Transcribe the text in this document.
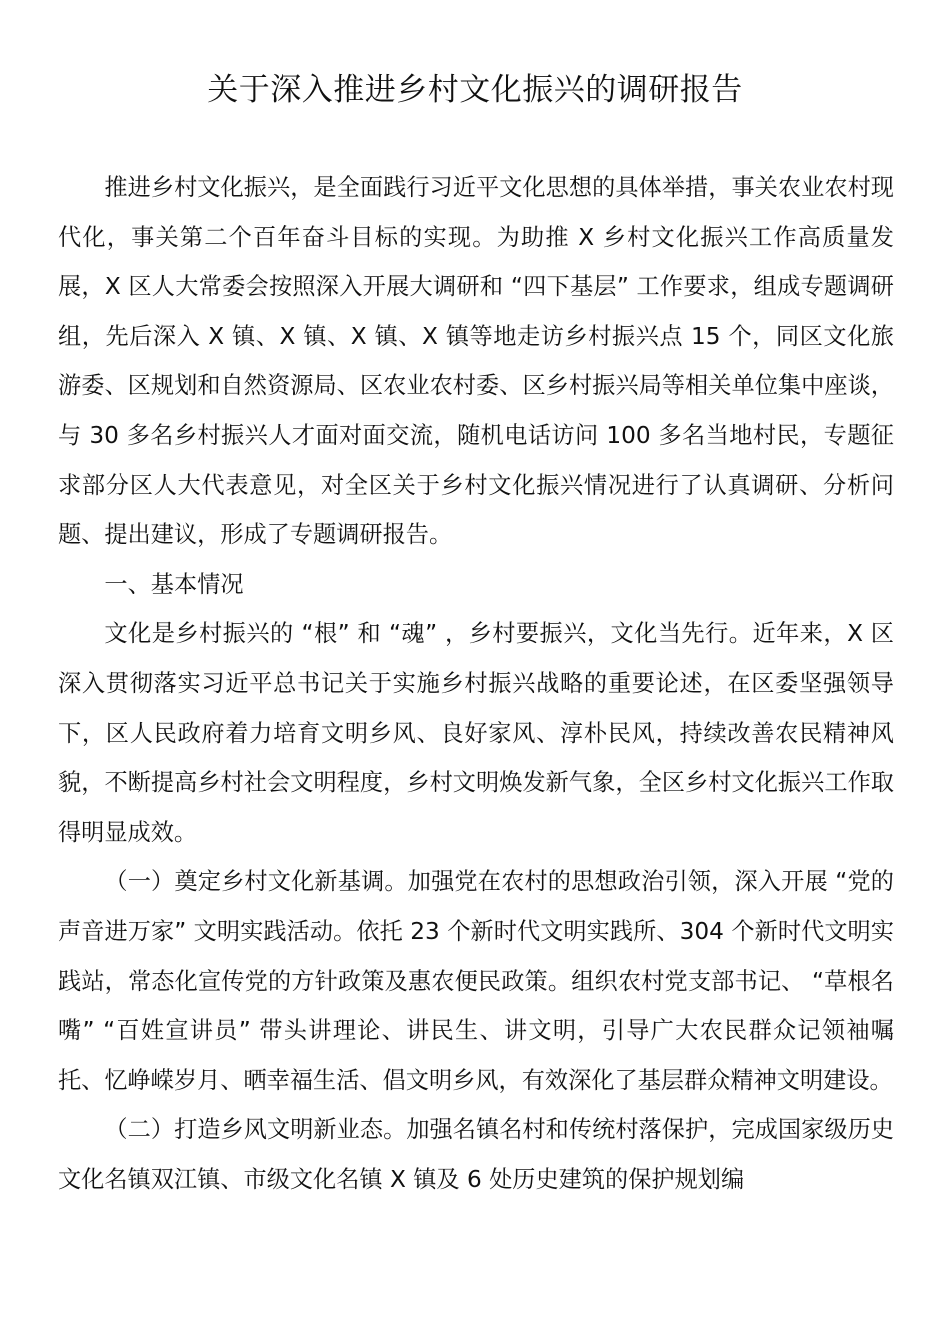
关于深入推进乡村文化振兴的调研报告

推进乡村文化振兴，是全面践行习近平文化思想的具体举措，事关农业农村现代化，事关第二个百年奋斗目标的实现。为助推 X 乡村文化振兴工作高质量发展，X 区人大常委会按照深入开展大调研和 “四下基层” 工作要求，组成专题调研组，先后深入 X 镇、X 镇、X 镇、X 镇等地走访乡村振兴点 15 个，同区文化旅游委、区规划和自然资源局、区农业农村委、区乡村振兴局等相关单位集中座谈，与 30 多名乡村振兴人才面对面交流，随机电话访问 100 多名当地村民，专题征求部分区人大代表意见，对全区关于乡村文化振兴情况进行了认真调研、分析问题、提出建议，形成了专题调研报告。

一、基本情况

文化是乡村振兴的 “根” 和 “魂” ，乡村要振兴，文化当先行。近年来，X 区深入贯彻落实习近平总书记关于实施乡村振兴战略的重要论述，在区委坚强领导下，区人民政府着力培育文明乡风、良好家风、淳朴民风，持续改善农民精神风貌，不断提高乡村社会文明程度，乡村文明焕发新气象，全区乡村文化振兴工作取得明显成效。

（一）奠定乡村文化新基调。加强党在农村的思想政治引领，深入开展 “党的声音进万家” 文明实践活动。依托 23 个新时代文明实践所、304 个新时代文明实践站，常态化宣传党的方针政策及惠农便民政策。组织农村党支部书记、 “草根名嘴” “百姓宣讲员” 带头讲理论、讲民生、讲文明，引导广大农民群众记领袖嘱托、忆峥嵘岁月、晒幸福生活、倡文明乡风，有效深化了基层群众精神文明建设。

（二）打造乡风文明新业态。加强名镇名村和传统村落保护，完成国家级历史文化名镇双江镇、市级文化名镇 X 镇及 6 处历史建筑的保护规划编
